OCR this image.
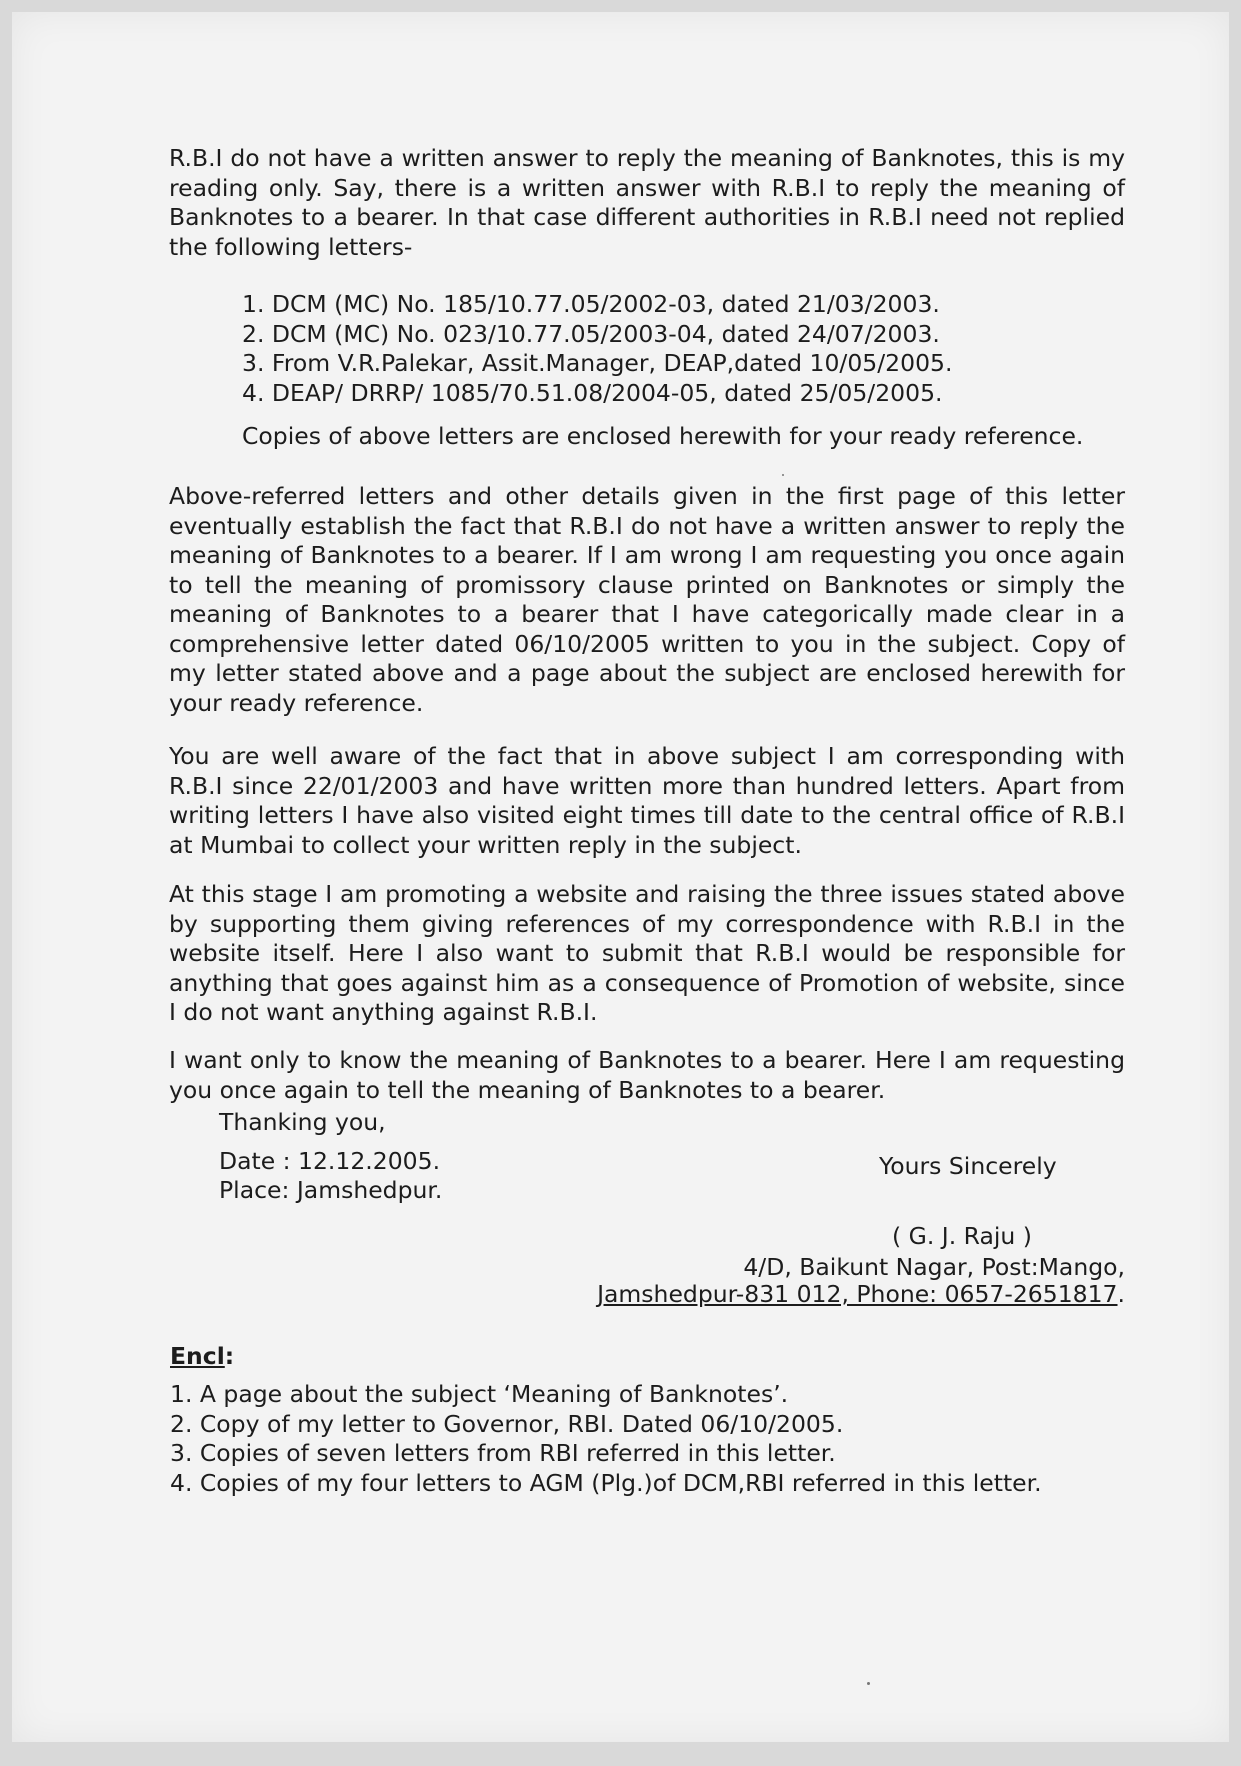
R.B.I do not have a written answer to reply the meaning of Banknotes, this is my reading only. Say, there is a written answer with R.B.I to reply the meaning of Banknotes to a bearer. In that case different authorities in R.B.I need not replied the following letters-

1. DCM (MC) No. 185/10.77.05/2002-03, dated 21/03/2003.
2. DCM (MC) No. 023/10.77.05/2003-04, dated 24/07/2003.
3. From V.R.Palekar, Assit.Manager, DEAP,dated 10/05/2005.
4. DEAP/ DRRP/ 1085/70.51.08/2004-05, dated 25/05/2005.

Copies of above letters are enclosed herewith for your ready reference.

Above-referred letters and other details given in the first page of this letter eventually establish the fact that R.B.I do not have a written answer to reply the meaning of Banknotes to a bearer. If I am wrong I am requesting you once again to tell the meaning of promissory clause printed on Banknotes or simply the meaning of Banknotes to a bearer that I have categorically made clear in a comprehensive letter dated 06/10/2005 written to you in the subject. Copy of my letter stated above and a page about the subject are enclosed herewith for your ready reference.

You are well aware of the fact that in above subject I am corresponding with R.B.I since 22/01/2003 and have written more than hundred letters. Apart from writing letters I have also visited eight times till date to the central office of R.B.I at Mumbai to collect your written reply in the subject.

At this stage I am promoting a website and raising the three issues stated above by supporting them giving references of my correspondence with R.B.I in the website itself. Here I also want to submit that R.B.I would be responsible for anything that goes against him as a consequence of Promotion of website, since I do not want anything against R.B.I.

I want only to know the meaning of Banknotes to a bearer. Here I am requesting you once again to tell the meaning of Banknotes to a bearer.

Thanking you,

Date : 12.12.2005.

Place: Jamshedpur.

Yours Sincerely

( G. J. Raju )

4/D, Baikunt Nagar, Post:Mango,

Jamshedpur-831 012, Phone: 0657-2651817.

Encl:

1. A page about the subject ‘Meaning of Banknotes’.
2. Copy of my letter to Governor, RBI. Dated 06/10/2005.
3. Copies of seven letters from RBI referred in this letter.
4. Copies of my four letters to AGM (Plg.)of DCM,RBI referred in this letter.
